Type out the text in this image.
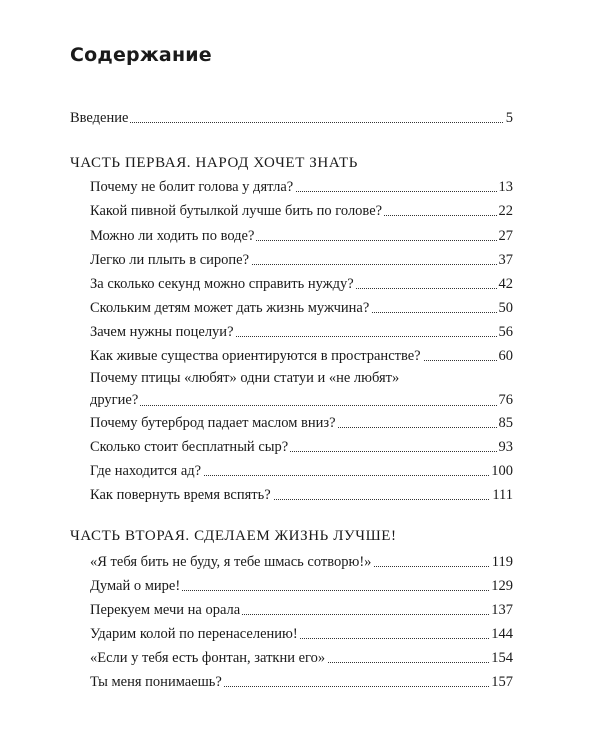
Содержание
Введение	5
ЧАСТЬ ПЕРВАЯ. НАРОД ХОЧЕТ ЗНАТЬ
Почему не болит голова у дятла?	13
Какой пивной бутылкой лучше бить по голове?	22
Можно ли ходить по воде?	27
Легко ли плыть в сиропе?	37
За сколько секунд можно справить нужду?	42
Скольким детям может дать жизнь мужчина?	50
Зачем нужны поцелуи?	56
Как живые существа ориентируются в пространстве?	60
Почему птицы «любят» одни статуи и «не любят»
другие?	76
Почему бутерброд падает маслом вниз?	85
Сколько стоит бесплатный сыр?	93
Где находится ад?	100
Как повернуть время вспять?	111
ЧАСТЬ ВТОРАЯ. СДЕЛАЕМ ЖИЗНЬ ЛУЧШЕ!
«Я тебя бить не буду, я тебе шмась сотворю!»	119
Думай о мире!	129
Перекуем мечи на орала	137
Ударим колой по перенаселению!	144
«Если у тебя есть фонтан, заткни его»	154
Ты меня понимаешь?	157
